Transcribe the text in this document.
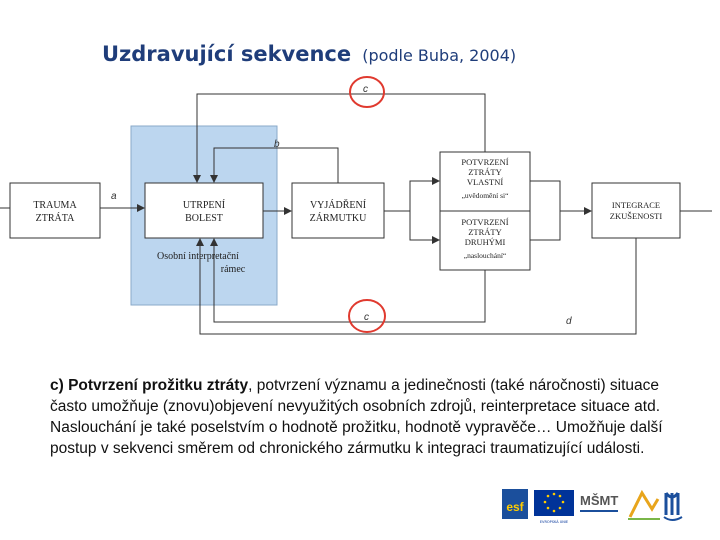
Uzdravující sekvence (podle Buba, 2004)
TRAUMA
ZTRÁTA
UTRPENÍ
BOLEST
Osobní interpretační
rámec
VYJÁDŘENÍ
ZÁRMUTKU
POTVRZENÍ
ZTRÁTY
VLASTNÍ
„uvědomění si“
POTVRZENÍ
ZTRÁTY
DRUHÝMI
„naslouchání“
INTEGRACE
ZKUŠENOSTI
c
b
a
c	d
c) Potvrzení prožitku ztráty, potvrzení významu a jedinečnosti (také náročnosti) situace často umožňuje (znovu)objevení nevyužitých osobních zdrojů, reinterpretace situace atd. Naslouchání je také poselstvím o hodnotě prožitku, hodnotě vypravěče… Umožňuje další postup v sekvenci směrem od chronického zármutku k integraci traumatizující události.
esf
EVROPSKÁ UNIE
MŠMT
